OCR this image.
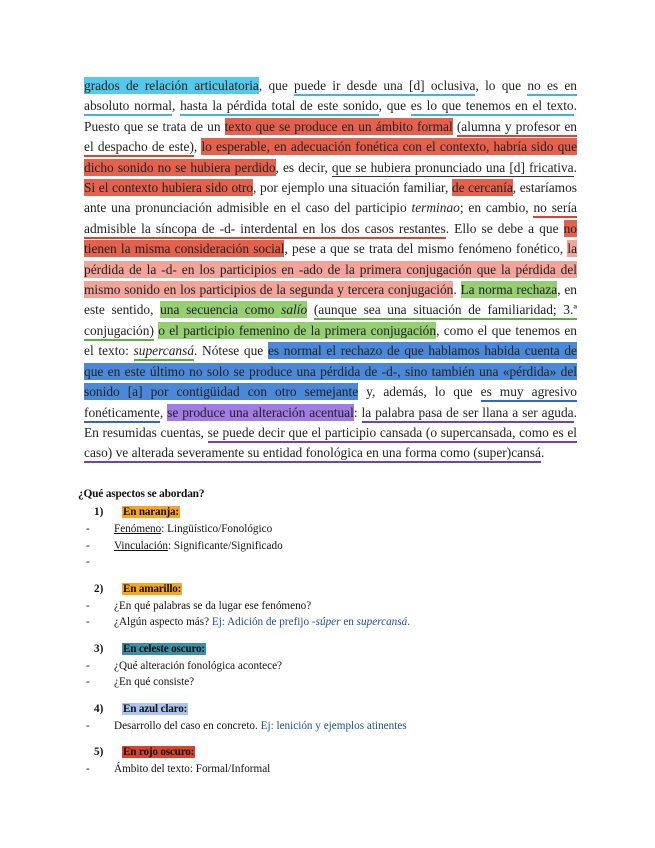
grados de relación articulatoria, que puede ir desde una [d] oclusiva, lo que no es en absoluto normal, hasta la pérdida total de este sonido, que es lo que tenemos en el texto. Puesto que se trata de un texto que se produce en un ámbito formal (alumna y profesor en el despacho de este), lo esperable, en adecuación fonética con el contexto, habría sido que dicho sonido no se hubiera perdido, es decir, que se hubiera pronunciado una [d] fricativa. Si el contexto hubiera sido otro, por ejemplo una situación familiar, de cercanía, estaríamos ante una pronunciación admisible en el caso del participio terminao; en cambio, no sería admisible la síncopa de -d- interdental en los dos casos restantes. Ello se debe a que no tienen la misma consideración social, pese a que se trata del mismo fenómeno fonético, la pérdida de la -d- en los participios en -ado de la primera conjugación que la pérdida del mismo sonido en los participios de la segunda y tercera conjugación. La norma rechaza, en este sentido, una secuencia como salío (aunque sea una situación de familiaridad; 3.ª conjugación) o el participio femenino de la primera conjugación, como el que tenemos en el texto: supercansá. Nótese que es normal el rechazo de que hablamos habida cuenta de que en este último no solo se produce una pérdida de -d-, sino también una «pérdida» del sonido [a] por contigüidad con otro semejante y, además, lo que es muy agresivo fonéticamente, se produce una alteración acentual: la palabra pasa de ser llana a ser aguda. En resumidas cuentas, se puede decir que el participio cansada (o supercansada, como es el caso) ve alterada severamente su entidad fonológica en una forma como (super)cansá.
¿Qué aspectos se abordan?
1)	En naranja:
-	Fenómeno: Lingüístico/Fonológico
-	Vinculación: Significante/Significado
-
2)	En amarillo:
-	¿En qué palabras se da lugar ese fenómeno?
-	¿Algún aspecto más? Ej: Adición de prefijo -súper en supercansá.
3)	En celeste oscuro:
-	¿Qué alteración fonológica acontece?
-	¿En qué consiste?
4)	En azul claro:
-	Desarrollo del caso en concreto. Ej: lenición y ejemplos atinentes
5)	En rojo oscuro:
-	Ámbito del texto: Formal/Informal
